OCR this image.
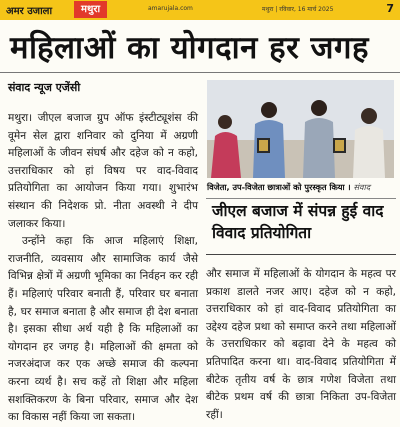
अमर उजाला	मथुरा	amarujala.com	मथुरा | रविवार, 16 मार्च 2025	7
महिलाओं का योगदान हर जगह
संवाद न्यूज एजेंसी

मथुरा। जीएल बजाज ग्रुप ऑफ इंस्टीट्यूशंस की वूमेन सेल द्वारा शनिवार को दुनिया में अग्रणी महिलाओं के जीवन संघर्ष और दहेज को न कहो, उत्तराधिकार को हां विषय पर वाद-विवाद प्रतियोगिता का आयोजन किया गया। शुभारंभ संस्थान की निदेशक प्रो. नीता अवस्थी ने दीप जलाकर किया।

उन्होंने कहा कि आज महिलाएं शिक्षा, राजनीति, व्यवसाय और सामाजिक कार्य जैसे विभिन्न क्षेत्रों में अग्रणी भूमिका का निर्वहन कर रही हैं। महिलाएं परिवार बनाती हैं, परिवार घर बनाता है, घर समाज बनाता है और समाज ही देश बनाता है। इसका सीधा अर्थ यही है कि महिलाओं का योगदान हर जगह है। महिलाओं की क्षमता को नजरअंदाज कर एक अच्छे समाज की कल्पना करना व्यर्थ है। सच कहें तो शिक्षा और महिला सशक्तिकरण के बिना परिवार, समाज और देश का विकास नहीं किया जा सकता।

विजेता, उप-विजेता छात्राओं को पुरस्कृत किया । संवाद
जीएल बजाज में संपन्न हुई वाद विवाद प्रतियोगिता

और समाज में महिलाओं के योगदान के महत्व पर प्रकाश डालते नजर आए। दहेज को न कहो, उत्तराधिकार को हां वाद-विवाद प्रतियोगिता का उद्देश्य दहेज प्रथा को समाप्त करने तथा महिलाओं के उत्तराधिकार को बढ़ावा देने के महत्व को प्रतिपादित करना था। वाद-विवाद प्रतियोगिता में बीटेक तृतीय वर्ष के छात्र गणेश विजेता तथा बीटेक प्रथम वर्ष की छात्रा निकिता उप-विजेता रहीं।
